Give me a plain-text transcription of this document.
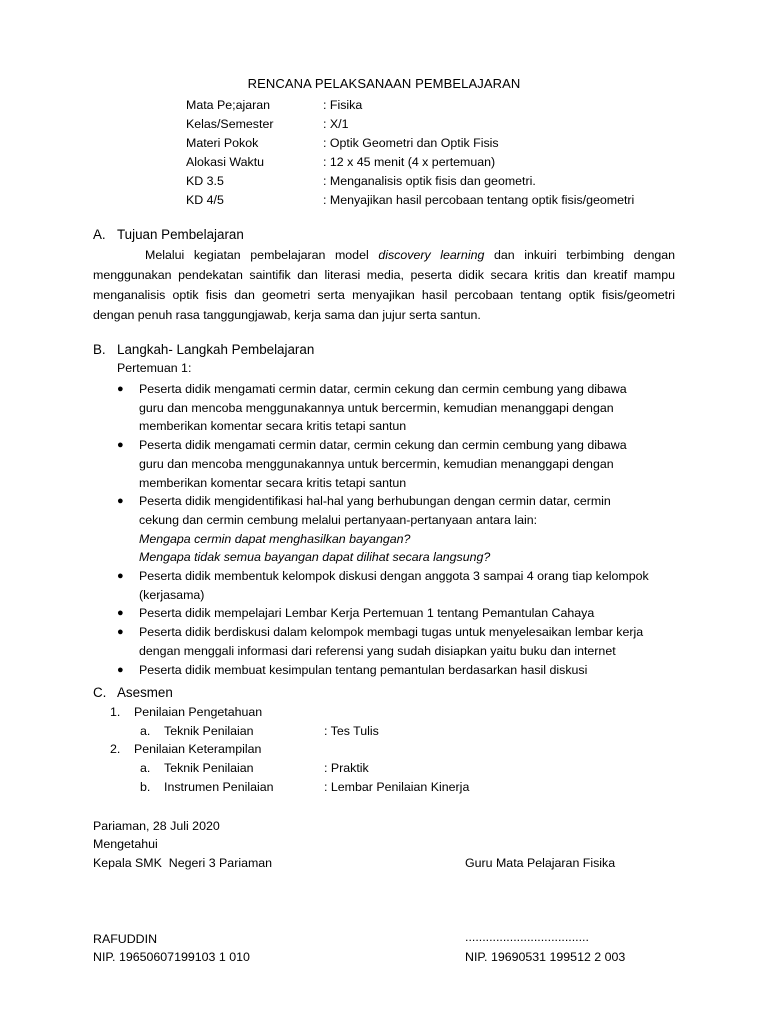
RENCANA PELAKSANAAN PEMBELAJARAN
Mata Pe;ajaran	: Fisika
Kelas/Semester	: X/1
Materi Pokok	: Optik Geometri dan Optik Fisis
Alokasi Waktu	: 12 x 45 menit (4 x pertemuan)
KD 3.5	: Menganalisis optik fisis dan geometri.
KD 4/5	: Menyajikan hasil percobaan tentang optik fisis/geometri
A. Tujuan Pembelajaran
Melalui kegiatan pembelajaran model discovery learning dan inkuiri terbimbing dengan
menggunakan pendekatan saintifik dan literasi media, peserta didik secara kritis dan kreatif mampu
menganalisis optik fisis dan geometri serta menyajikan hasil percobaan tentang optik fisis/geometri
dengan penuh rasa tanggungjawab, kerja sama dan jujur serta santun.
B. Langkah- Langkah Pembelajaran
Pertemuan 1:
● Peserta didik mengamati cermin datar, cermin cekung dan cermin cembung yang dibawa
guru dan mencoba menggunakannya untuk bercermin, kemudian menanggapi dengan
memberikan komentar secara kritis tetapi santun
● Peserta didik mengamati cermin datar, cermin cekung dan cermin cembung yang dibawa
guru dan mencoba menggunakannya untuk bercermin, kemudian menanggapi dengan
memberikan komentar secara kritis tetapi santun
● Peserta didik mengidentifikasi hal-hal yang berhubungan dengan cermin datar, cermin
cekung dan cermin cembung melalui pertanyaan-pertanyaan antara lain:
Mengapa cermin dapat menghasilkan bayangan?
Mengapa tidak semua bayangan dapat dilihat secara langsung?
● Peserta didik membentuk kelompok diskusi dengan anggota 3 sampai 4 orang tiap kelompok
(kerjasama)
● Peserta didik mempelajari Lembar Kerja Pertemuan 1 tentang Pemantulan Cahaya
● Peserta didik berdiskusi dalam kelompok membagi tugas untuk menyelesaikan lembar kerja
dengan menggali informasi dari referensi yang sudah disiapkan yaitu buku dan internet
● Peserta didik membuat kesimpulan tentang pemantulan berdasarkan hasil diskusi
C. Asesmen
1. Penilaian Pengetahuan
a. Teknik Penilaian	: Tes Tulis
2. Penilaian Keterampilan
a. Teknik Penilaian	: Praktik
b. Instrumen Penilaian	: Lembar Penilaian Kinerja
Pariaman, 28 Juli 2020
Mengetahui
Kepala SMK  Negeri 3 Pariaman	Guru Mata Pelajaran Fisika
RAFUDDIN	....................................
NIP. 19650607199103 1 010	NIP. 19690531 199512 2 003
